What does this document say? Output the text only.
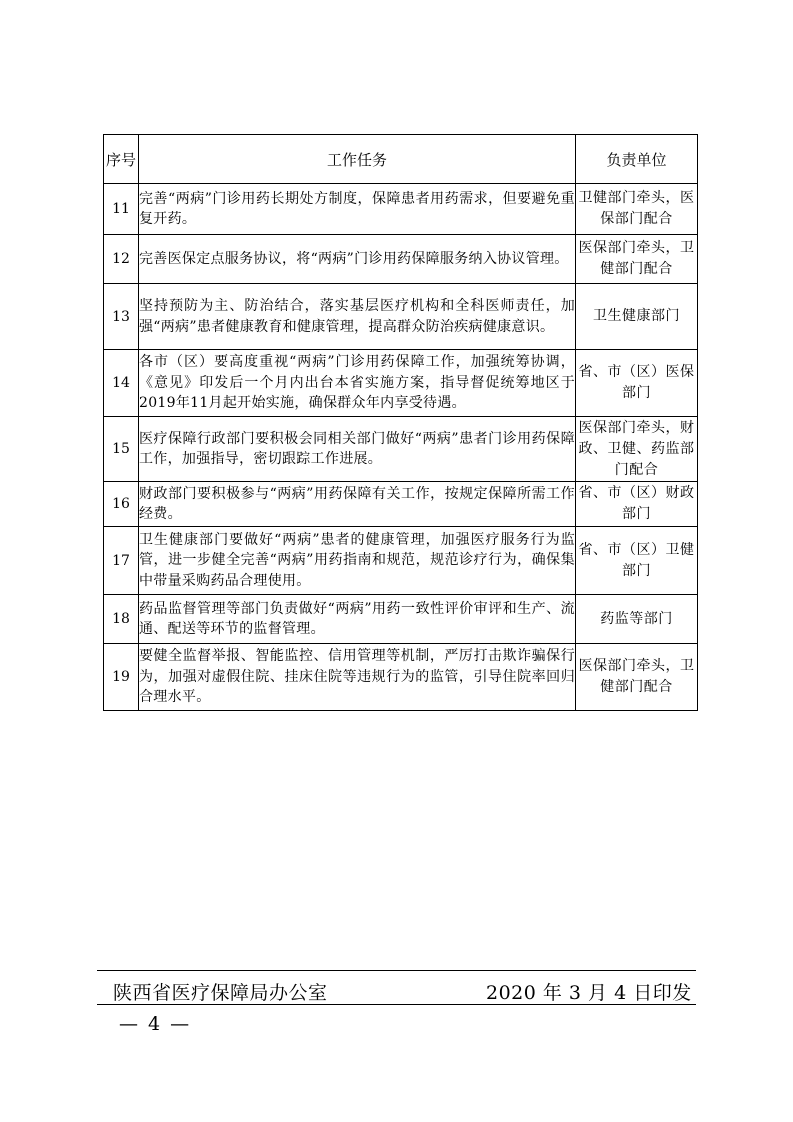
序号	工作任务	负责单位
11	完善“两病”门诊用药长期处方制度，保障患者用药需求，但要避免重复开药。	卫健部门牵头，医保部门配合
12	完善医保定点服务协议，将“两病”门诊用药保障服务纳入协议管理。	医保部门牵头，卫健部门配合
13	坚持预防为主、防治结合，落实基层医疗机构和全科医师责任，加强“两病”患者健康教育和健康管理，提高群众防治疾病健康意识。	卫生健康部门
14	各市（区）要高度重视“两病”门诊用药保障工作，加强统筹协调，《意见》印发后一个月内出台本省实施方案，指导督促统筹地区于2019年11月起开始实施，确保群众年内享受待遇。	省、市（区）医保部门
15	医疗保障行政部门要积极会同相关部门做好“两病”患者门诊用药保障工作，加强指导，密切跟踪工作进展。	医保部门牵头，财政、卫健、药监部门配合
16	财政部门要积极参与“两病”用药保障有关工作，按规定保障所需工作经费。	省、市（区）财政部门
17	卫生健康部门要做好“两病”患者的健康管理，加强医疗服务行为监管，进一步健全完善“两病”用药指南和规范，规范诊疗行为，确保集中带量采购药品合理使用。	省、市（区）卫健部门
18	药品监督管理等部门负责做好“两病”用药一致性评价审评和生产、流通、配送等环节的监督管理。	药监等部门
19	要健全监督举报、智能监控、信用管理等机制，严厉打击欺诈骗保行为，加强对虚假住院、挂床住院等违规行为的监管，引导住院率回归合理水平。	医保部门牵头，卫健部门配合
陕西省医疗保障局办公室	2020 年 3 月 4 日印发
— 4 —
